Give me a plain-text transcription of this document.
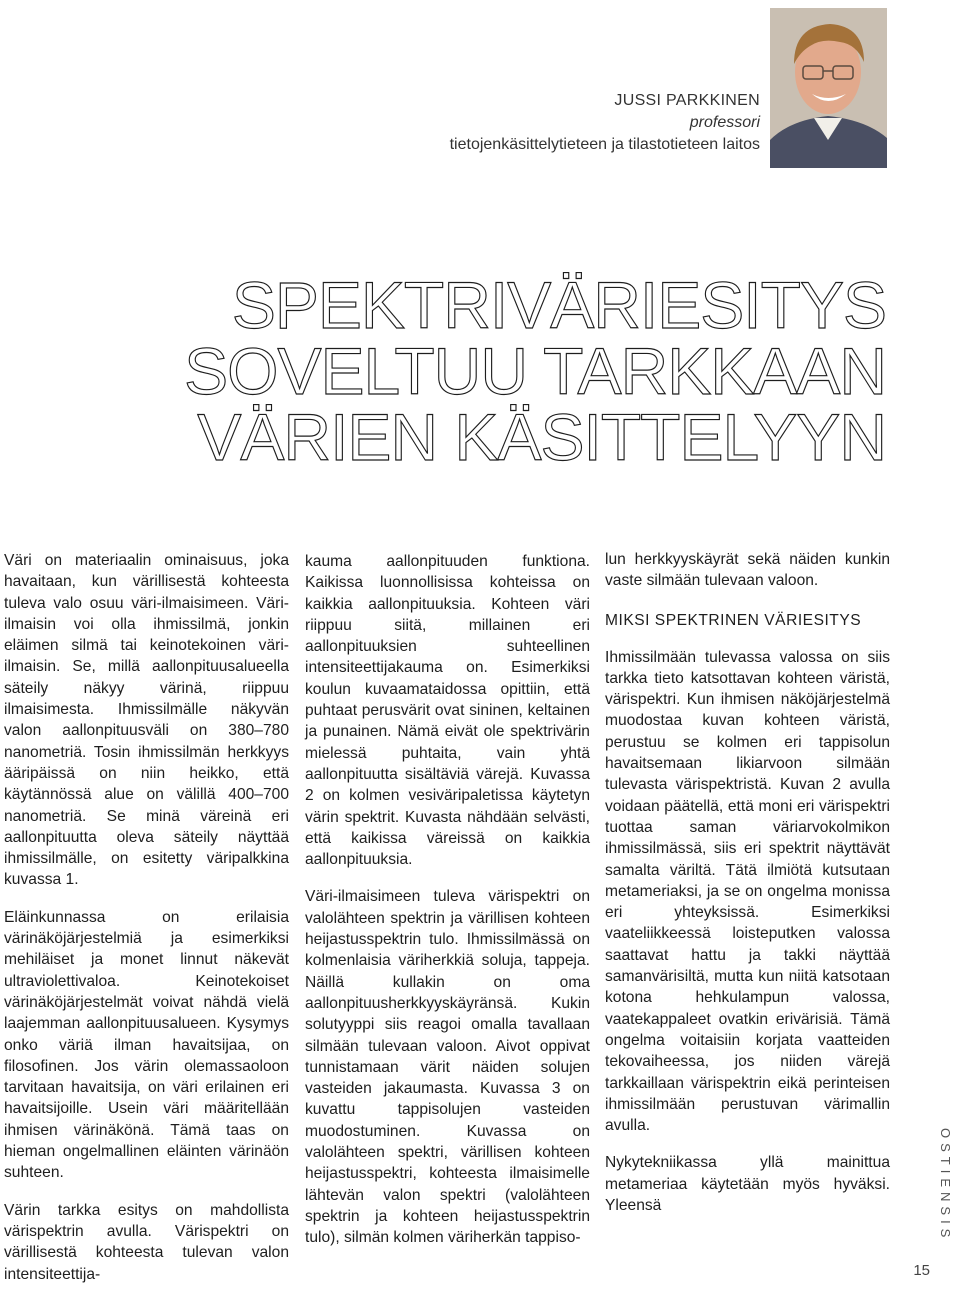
JUSSI PARKKINEN
professori
tietojenkäsittelytieteen ja tilastotieteen laitos
SPEKTRIVÄRIESITYS
SOVELTUU TARKKAAN
VÄRIEN KÄSITTELYYN

Väri on materiaalin ominaisuus, joka havaitaan, kun värillisestä kohteesta tuleva valo osuu väri-ilmaisimeen. Väri-ilmaisin voi olla ihmissilmä, jonkin eläimen silmä tai keinotekoinen väri-ilmaisin. Se, millä aallonpituusalueella säteily näkyy värinä, riippuu ilmaisimesta. Ihmissilmälle näkyvän valon aallonpituusväli on 380–780 nanometriä. Tosin ihmissilmän herkkyys ääripäissä on niin heikko, että käytännössä alue on välillä 400–700 nanometriä. Se minä väreinä eri aallonpituutta oleva säteily näyttää ihmissilmälle, on esitetty väripalkkina kuvassa 1.

Eläinkunnassa on erilaisia värinäköjärjestelmiä ja esimerkiksi mehiläiset ja monet linnut näkevät ultraviolettivaloa. Keinotekoiset värinäköjärjestelmät voivat nähdä vielä laajemman aallonpituusalueen. Kysymys onko väriä ilman havaitsijaa, on filosofinen. Jos värin olemassaoloon tarvitaan havaitsija, on väri erilainen eri havaitsijoille. Usein väri määritellään ihmisen värinäkönä. Tämä taas on hieman ongelmallinen eläinten värinäön suhteen.

Värin tarkka esitys on mahdollista värispektrin avulla. Värispektri on värillisestä kohteesta tulevan valon intensiteettija-

kauma aallonpituuden funktiona. Kaikissa luonnollisissa kohteissa on kaikkia aallonpituuksia. Kohteen väri riippuu siitä, millainen eri aallonpituuksien suhteellinen intensiteettijakauma on. Esimerkiksi koulun kuvaamataidossa opittiin, että puhtaat perusvärit ovat sininen, keltainen ja punainen. Nämä eivät ole spektrivärin mielessä puhtaita, vain yhtä aallonpituutta sisältäviä värejä. Kuvassa 2 on kolmen vesiväripaletissa käytetyn värin spektrit. Kuvasta nähdään selvästi, että kaikissa väreissä on kaikkia aallonpituuksia.

Väri-ilmaisimeen tuleva värispektri on valolähteen spektrin ja värillisen kohteen heijastusspektrin tulo. Ihmissilmässä on kolmenlaisia väriherkkiä soluja, tappeja. Näillä kullakin on oma aallonpituusherkkyyskäyränsä. Kukin solutyyppi siis reagoi omalla tavallaan silmään tulevaan valoon. Aivot oppivat tunnistamaan värit näiden solujen vasteiden jakaumasta. Kuvassa 3 on kuvattu tappisolujen vasteiden muodostuminen. Kuvassa on valolähteen spektri, värillisen kohteen heijastusspektri, kohteesta ilmaisimelle lähtevän valon spektri (valolähteen spektrin ja kohteen heijastusspektrin tulo), silmän kolmen väriherkän tappiso-

lun herkkyyskäyrät sekä näiden kunkin vaste silmään tulevaan valoon.

MIKSI SPEKTRINEN VÄRIESITYS

Ihmissilmään tulevassa valossa on siis tarkka tieto katsottavan kohteen väristä, värispektri. Kun ihmisen näköjärjestelmä muodostaa kuvan kohteen väristä, perustuu se kolmen eri tappisolun havaitsemaan likiarvoon silmään tulevasta värispektristä. Kuvan 2 avulla voidaan päätellä, että moni eri värispektri tuottaa saman väriarvokolmikon ihmissilmässä, siis eri spektrit näyttävät samalta väriltä. Tätä ilmiötä kutsutaan metameriaksi, ja se on ongelma monissa eri yhteyksissä. Esimerkiksi vaateliikkeessä loisteputken valossa saattavat hattu ja takki näyttää samanvärisiltä, mutta kun niitä katsotaan kotona hehkulampun valossa, vaatekappaleet ovatkin erivärisiä. Tämä ongelma voitaisiin korjata vaatteiden tekovaiheessa, jos niiden värejä tarkkaillaan värispektrin eikä perinteisen ihmissilmään perustuvan värimallin avulla.

Nykytekniikassa yllä mainittua metameriaa käytetään myös hyväksi. Yleensä	OSTIENSIS
15
